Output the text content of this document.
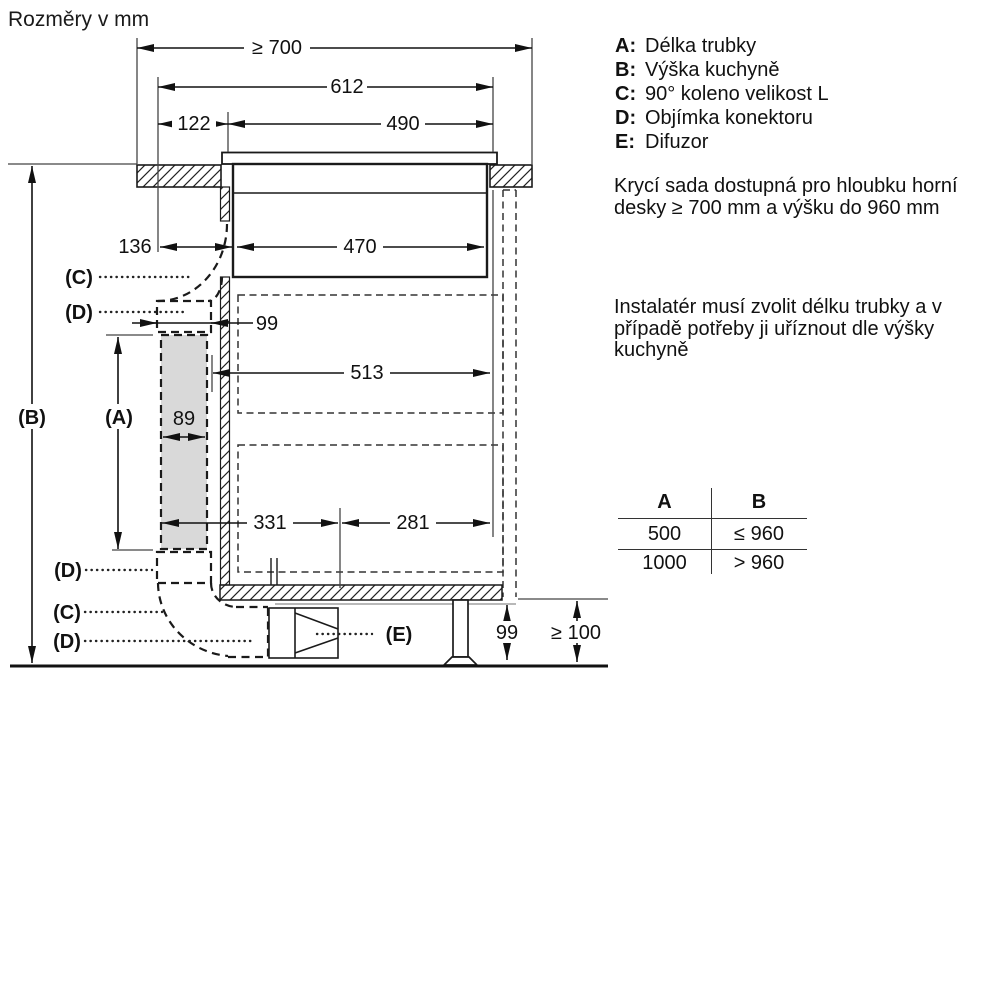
Rozměry v mm
≥ 700
612
122	490
136	470
99
513
89
331	281
99 ≥ 100
(C)
(D)
(B)	(A)
(D)
(C)
(D)	(E)
A: Délka trubky
B: Výška kuchyně
C: 90° koleno velikost L
D: Objímka konektoru
E: Difuzor
Krycí sada dostupná pro hloubku horní desky ≥ 700 mm a výšku do 960 mm
Instalatér musí zvolit délku trubky a v případě potřeby ji uříznout dle výšky kuchyně
A	B
500	≤ 960
1000	> 960
